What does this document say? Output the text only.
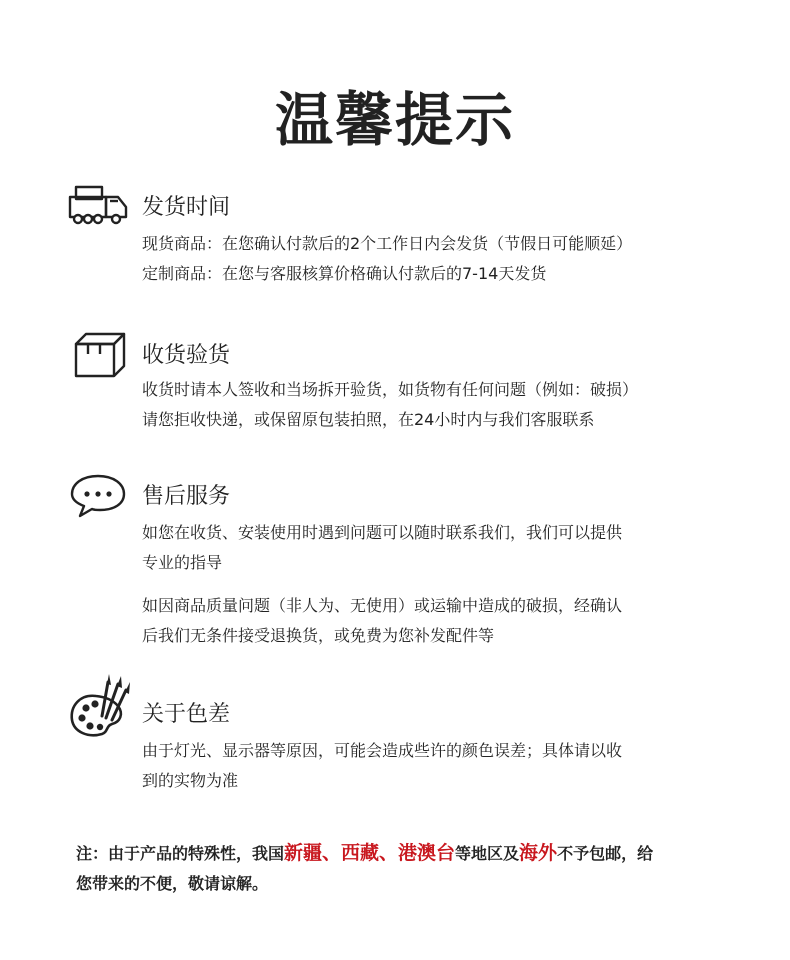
温馨提示
发货时间

现货商品：在您确认付款后的2个工作日内会发货（节假日可能顺延）

定制商品：在您与客服核算价格确认付款后的7-14天发货

收货验货

收货时请本人签收和当场拆开验货，如货物有任何问题（例如：破损）

请您拒收快递，或保留原包装拍照，在24小时内与我们客服联系

售后服务

如您在收货、安装使用时遇到问题可以随时联系我们，我们可以提供

专业的指导

如因商品质量问题（非人为、无使用）或运输中造成的破损，经确认

后我们无条件接受退换货，或免费为您补发配件等

关于色差

由于灯光、显示器等原因，可能会造成些许的颜色误差；具体请以收

到的实物为准

注：由于产品的特殊性，我国新疆、西藏、港澳台等地区及海外不予包邮，给
您带来的不便，敬请谅解。
